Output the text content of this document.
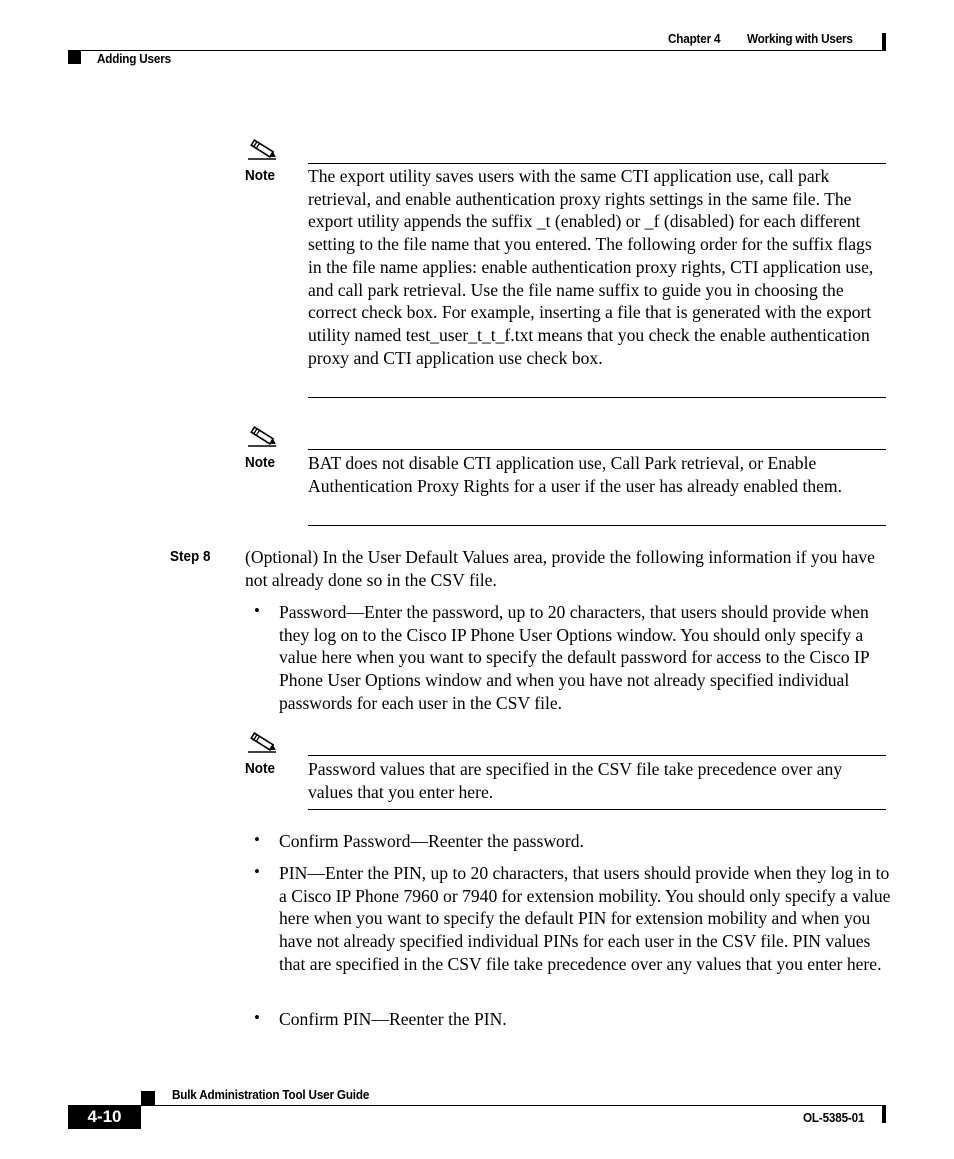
Chapter 4 Working with Users
Adding Users
Note The export utility saves users with the same CTI application use, call park retrieval, and enable authentication proxy rights settings in the same file. The export utility appends the suffix _t (enabled) or _f (disabled) for each different setting to the file name that you entered. The following order for the suffix flags in the file name applies: enable authentication proxy rights, CTI application use, and call park retrieval. Use the file name suffix to guide you in choosing the correct check box. For example, inserting a file that is generated with the export utility named test_user_t_t_f.txt means that you check the enable authentication proxy and CTI application use check box.
Note BAT does not disable CTI application use, Call Park retrieval, or Enable Authentication Proxy Rights for a user if the user has already enabled them.
Step 8 (Optional) In the User Default Values area, provide the following information if you have not already done so in the CSV file.
• Password—Enter the password, up to 20 characters, that users should provide when they log on to the Cisco IP Phone User Options window. You should only specify a value here when you want to specify the default password for access to the Cisco IP Phone User Options window and when you have not already specified individual passwords for each user in the CSV file.
Note Password values that are specified in the CSV file take precedence over any values that you enter here.
• Confirm Password—Reenter the password.
• PIN—Enter the PIN, up to 20 characters, that users should provide when they log in to a Cisco IP Phone 7960 or 7940 for extension mobility. You should only specify a value here when you want to specify the default PIN for extension mobility and when you have not already specified individual PINs for each user in the CSV file. PIN values that are specified in the CSV file take precedence over any values that you enter here.
• Confirm PIN—Reenter the PIN.
Bulk Administration Tool User Guide
4-10	OL-5385-01
